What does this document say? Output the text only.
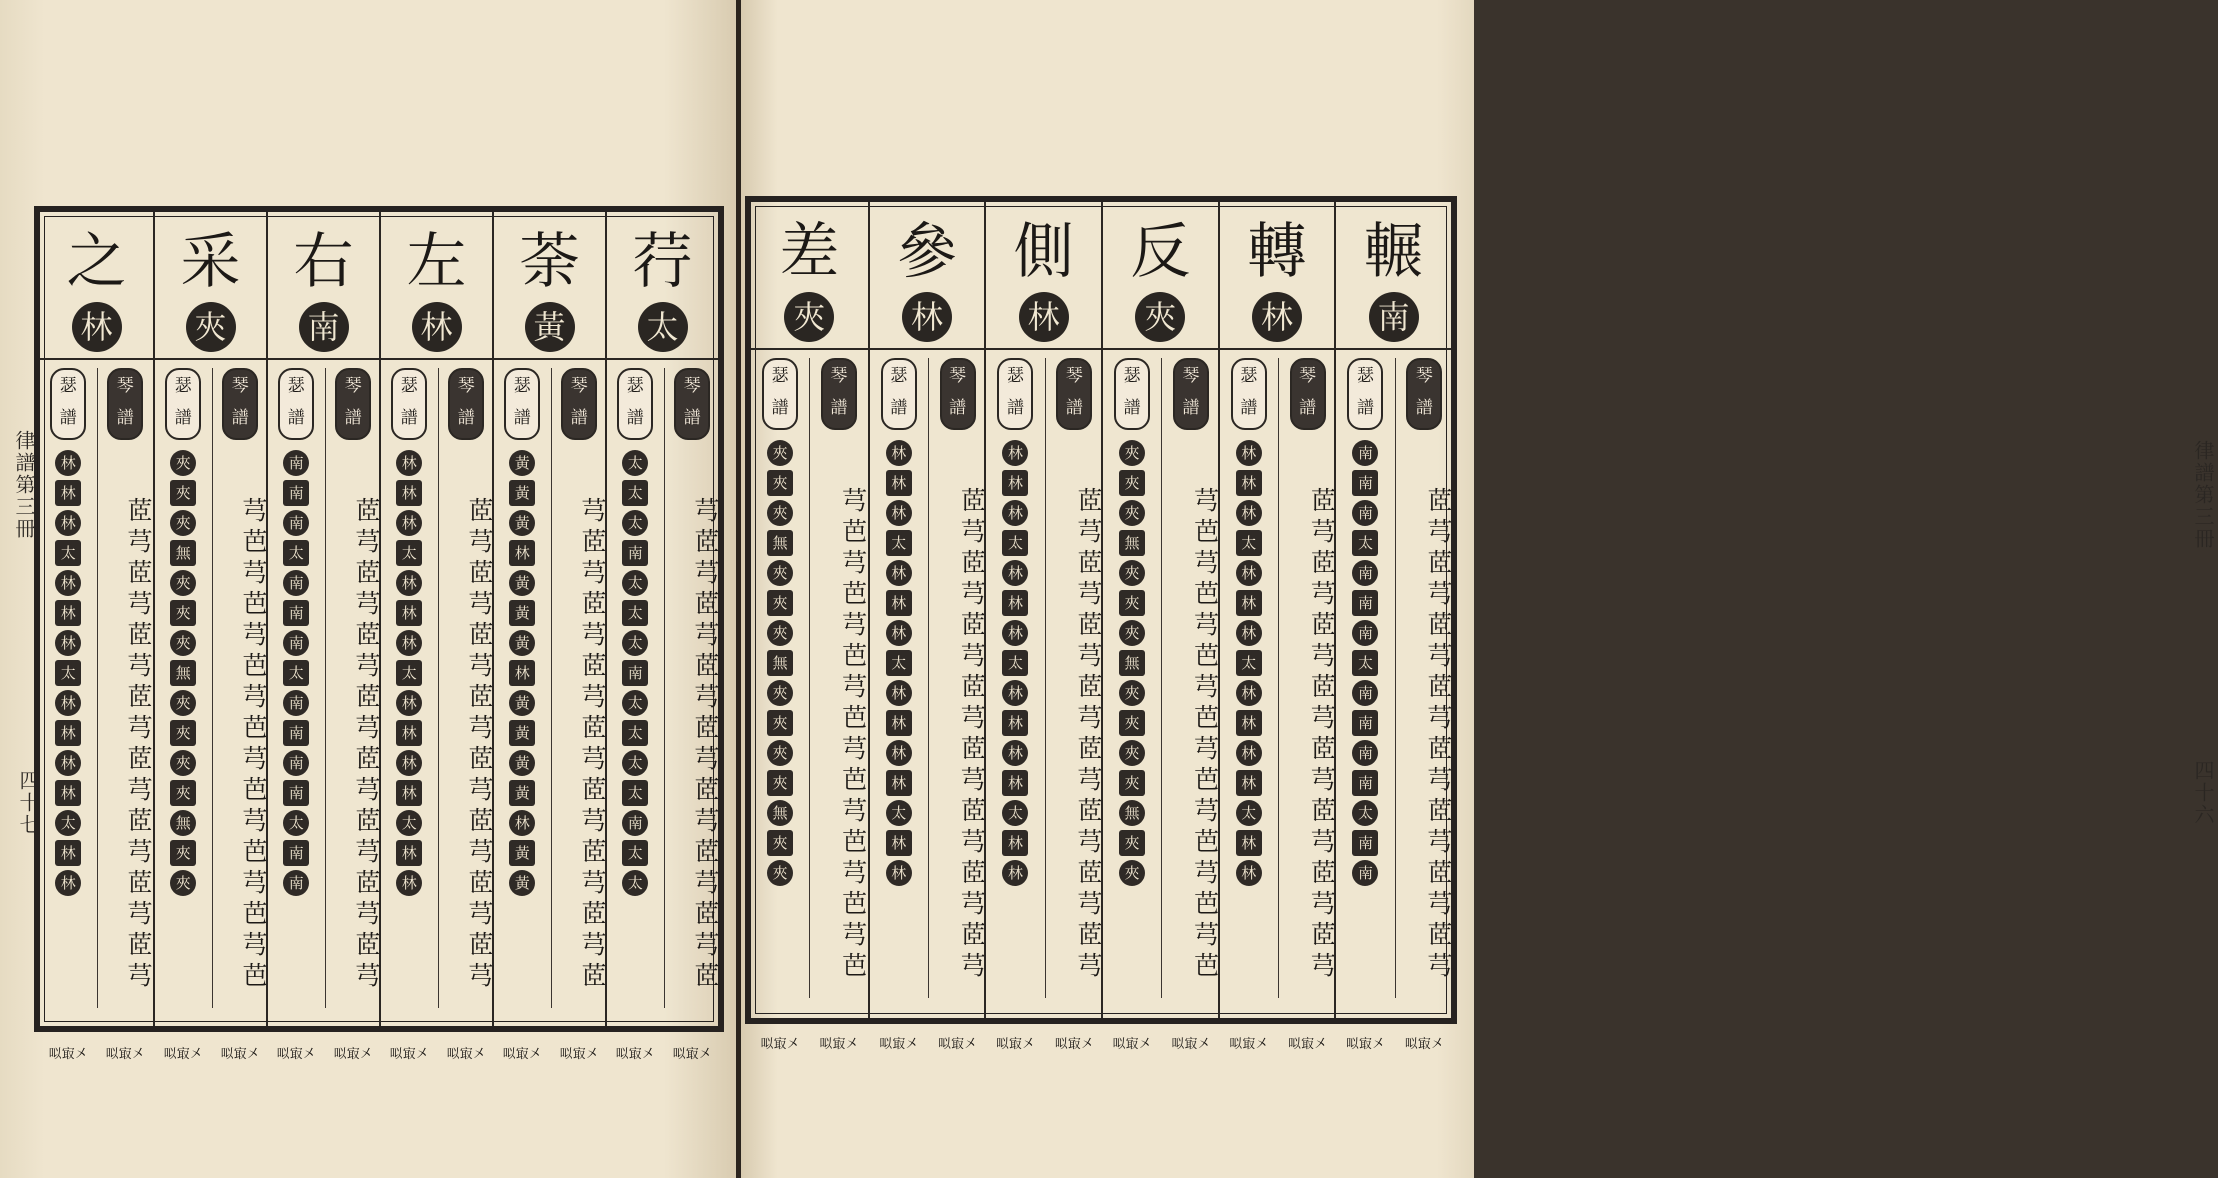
律譜第三冊
四十七
之
林
瑟譜
林
林
林
太
林
林
林
太
林
林
林
林
太
林
林
㕽㝡㐅
琴譜
茝芎茝芎茝芎茝芎茝芎茝芎茝芎茝芎
㕽㝡㐅
采
夾
瑟譜
夾
夾
夾
無
夾
夾
夾
無
夾
夾
夾
夾
無
夾
夾
㕽㝡㐅
琴譜
芎芭芎芭芎芭芎芭芎芭芎芭芎芭芎芭
㕽㝡㐅
右
南
瑟譜
南
南
南
太
南
南
南
太
南
南
南
南
太
南
南
㕽㝡㐅
琴譜
茝芎茝芎茝芎茝芎茝芎茝芎茝芎茝芎
㕽㝡㐅
左
林
瑟譜
林
林
林
太
林
林
林
太
林
林
林
林
太
林
林
㕽㝡㐅
琴譜
茝芎茝芎茝芎茝芎茝芎茝芎茝芎茝芎
㕽㝡㐅
荼
黃
瑟譜
黃
黃
黃
林
黃
黃
黃
林
黃
黃
黃
黃
林
黃
黃
㕽㝡㐅
琴譜
芎茝芎茝芎茝芎茝芎茝芎茝芎茝芎茝
㕽㝡㐅
荇
太
瑟譜
太
太
太
南
太
太
太
南
太
太
太
太
南
太
太
㕽㝡㐅
琴譜
芎茝芎茝芎茝芎茝芎茝芎茝芎茝芎茝
㕽㝡㐅
律譜第三冊
四十六
差
夾
瑟譜
夾
夾
夾
無
夾
夾
夾
無
夾
夾
夾
夾
無
夾
夾
㕽㝡㐅
琴譜
芎芭芎芭芎芭芎芭芎芭芎芭芎芭芎芭
㕽㝡㐅
參
林
瑟譜
林
林
林
太
林
林
林
太
林
林
林
林
太
林
林
㕽㝡㐅
琴譜
茝芎茝芎茝芎茝芎茝芎茝芎茝芎茝芎
㕽㝡㐅
側
林
瑟譜
林
林
林
太
林
林
林
太
林
林
林
林
太
林
林
㕽㝡㐅
琴譜
茝芎茝芎茝芎茝芎茝芎茝芎茝芎茝芎
㕽㝡㐅
反
夾
瑟譜
夾
夾
夾
無
夾
夾
夾
無
夾
夾
夾
夾
無
夾
夾
㕽㝡㐅
琴譜
芎芭芎芭芎芭芎芭芎芭芎芭芎芭芎芭
㕽㝡㐅
轉
林
瑟譜
林
林
林
太
林
林
林
太
林
林
林
林
太
林
林
㕽㝡㐅
琴譜
茝芎茝芎茝芎茝芎茝芎茝芎茝芎茝芎
㕽㝡㐅
輾
南
瑟譜
南
南
南
太
南
南
南
太
南
南
南
南
太
南
南
㕽㝡㐅
琴譜
茝芎茝芎茝芎茝芎茝芎茝芎茝芎茝芎
㕽㝡㐅
